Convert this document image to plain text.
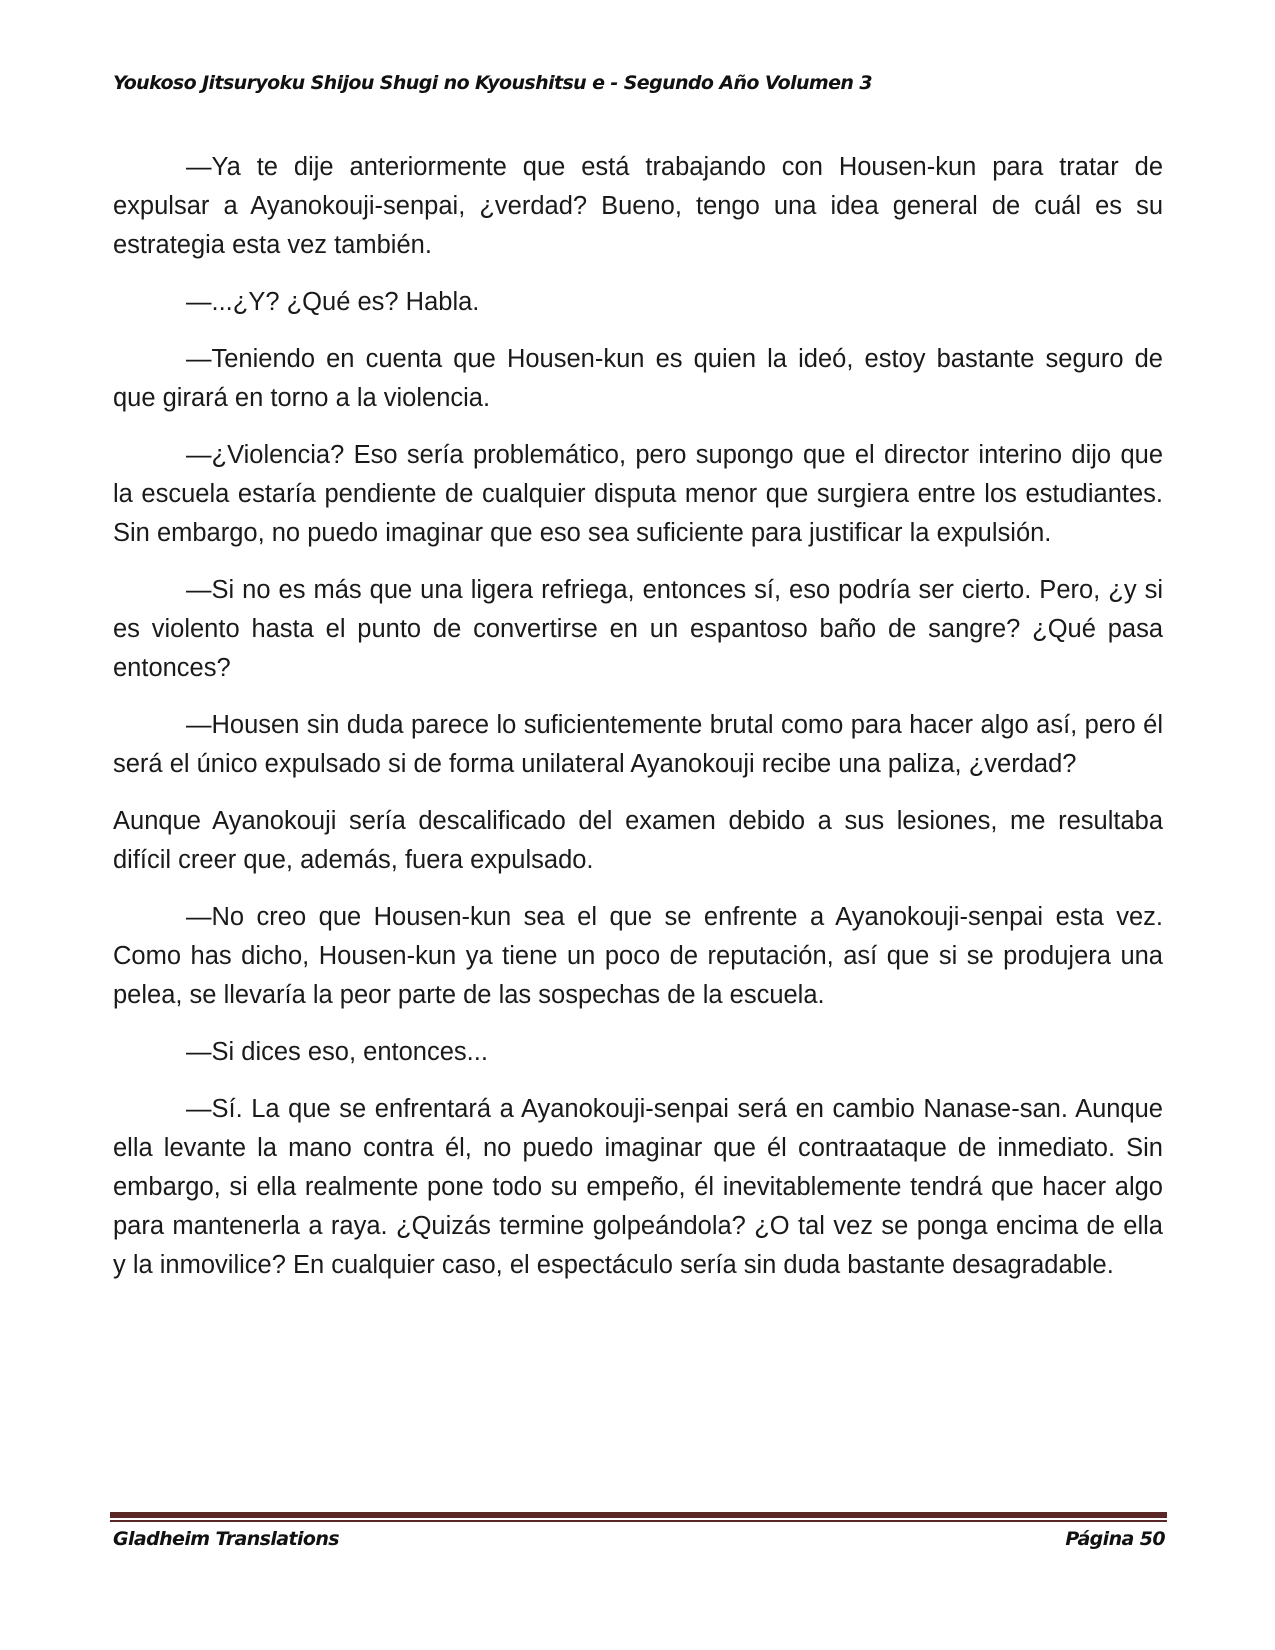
Youkoso Jitsuryoku Shijou Shugi no Kyoushitsu e - Segundo Año Volumen 3

—Ya te dije anteriormente que está trabajando con Housen-kun para tratar de expulsar a Ayanokouji-senpai, ¿verdad? Bueno, tengo una idea general de cuál es su estrategia esta vez también.

—...¿Y? ¿Qué es? Habla.

—Teniendo en cuenta que Housen-kun es quien la ideó, estoy bastante seguro de que girará en torno a la violencia.

—¿Violencia? Eso sería problemático, pero supongo que el director interino dijo que la escuela estaría pendiente de cualquier disputa menor que surgiera entre los estudiantes. Sin embargo, no puedo imaginar que eso sea suficiente para justificar la expulsión.

—Si no es más que una ligera refriega, entonces sí, eso podría ser cierto. Pero, ¿y si es violento hasta el punto de convertirse en un espantoso baño de sangre? ¿Qué pasa entonces?

—Housen sin duda parece lo suficientemente brutal como para hacer algo así, pero él será el único expulsado si de forma unilateral Ayanokouji recibe una paliza, ¿verdad?

Aunque Ayanokouji sería descalificado del examen debido a sus lesiones, me resultaba difícil creer que, además, fuera expulsado.

—No creo que Housen-kun sea el que se enfrente a Ayanokouji-senpai esta vez. Como has dicho, Housen-kun ya tiene un poco de reputación, así que si se produjera una pelea, se llevaría la peor parte de las sospechas de la escuela.

—Si dices eso, entonces...

—Sí. La que se enfrentará a Ayanokouji-senpai será en cambio Nanase-san. Aunque ella levante la mano contra él, no puedo imaginar que él contraataque de inmediato. Sin embargo, si ella realmente pone todo su empeño, él inevitablemente tendrá que hacer algo para mantenerla a raya. ¿Quizás termine golpeándola? ¿O tal vez se ponga encima de ella y la inmovilice? En cualquier caso, el espectáculo sería sin duda bastante desagradable.

Gladheim Translations	Página 50
